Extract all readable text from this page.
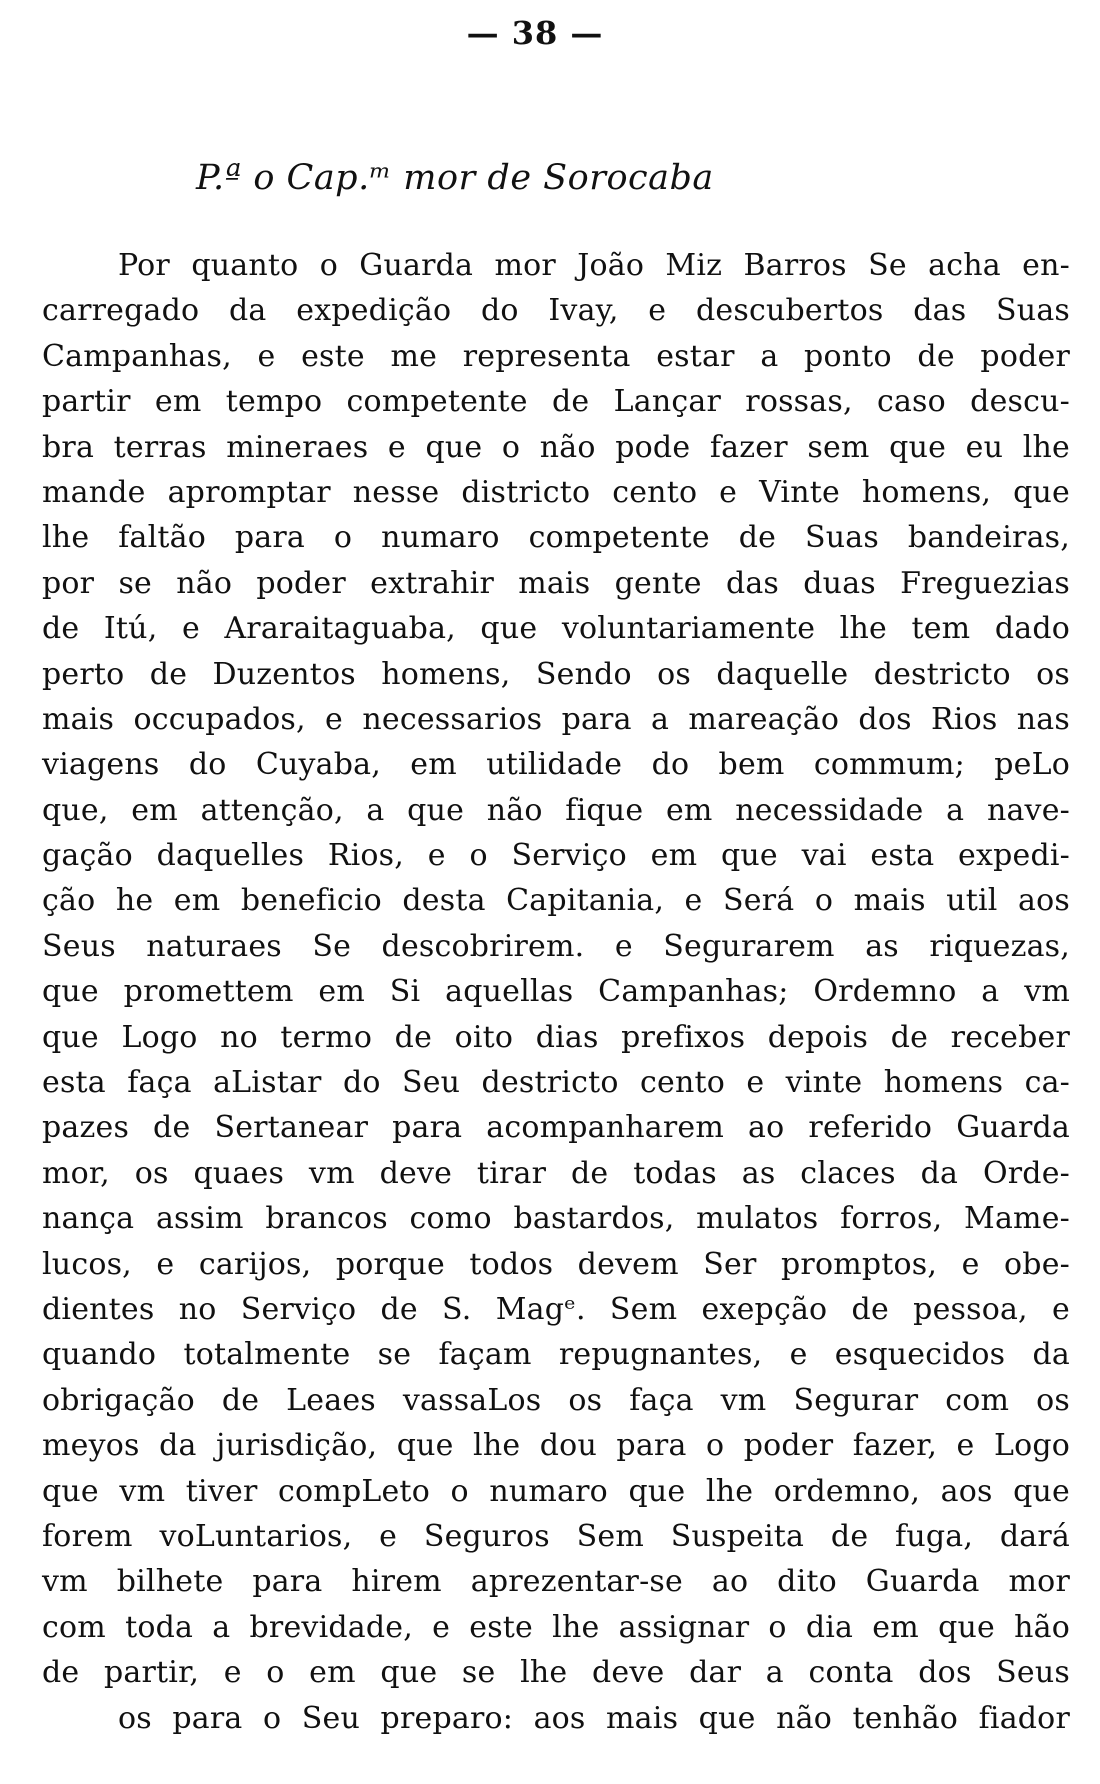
— 38 —
P.ª o Cap.ᵐ mor de Sorocaba
Por quanto o Guarda mor João Miz Barros Se acha en-
carregado da expedição do Ivay, e descubertos das Suas
Campanhas, e este me representa estar a ponto de poder
partir em tempo competente de Lançar rossas, caso descu-
bra terras mineraes e que o não pode fazer sem que eu lhe
mande apromptar nesse districto cento e Vinte homens, que
lhe faltão para o numaro competente de Suas bandeiras,
por se não poder extrahir mais gente das duas Freguezias
de Itú, e Araraitaguaba, que voluntariamente lhe tem dado
perto de Duzentos homens, Sendo os daquelle destricto os
mais occupados, e necessarios para a mareação dos Rios nas
viagens do Cuyaba, em utilidade do bem commum; peLo
que, em attenção, a que não fique em necessidade a nave-
gação daquelles Rios, e o Serviço em que vai esta expedi-
ção he em beneficio desta Capitania, e Será o mais util aos
Seus naturaes Se descobrirem. e Segurarem as riquezas,
que promettem em Si aquellas Campanhas; Ordemno a vm
que Logo no termo de oito dias prefixos depois de receber
esta faça aListar do Seu destricto cento e vinte homens ca-
pazes de Sertanear para acompanharem ao referido Guarda
mor, os quaes vm deve tirar de todas as claces da Orde-
nança assim brancos como bastardos, mulatos forros, Mame-
lucos, e carijos, porque todos devem Ser promptos, e obe-
dientes no Serviço de S. Magᵉ. Sem exepção de pessoa, e
quando totalmente se façam repugnantes, e esquecidos da
obrigação de Leaes vassaLos os faça vm Segurar com os
meyos da jurisdição, que lhe dou para o poder fazer, e Logo
que vm tiver compLeto o numaro que lhe ordemno, aos que
forem voLuntarios, e Seguros Sem Suspeita de fuga, dará
vm bilhete para hirem aprezentar-se ao dito Guarda mor
com toda a brevidade, e este lhe assignar o dia em que hão
de partir, e o em que se lhe deve dar a conta dos Seus
os para o Seu preparo: aos mais que não tenhão fiador
